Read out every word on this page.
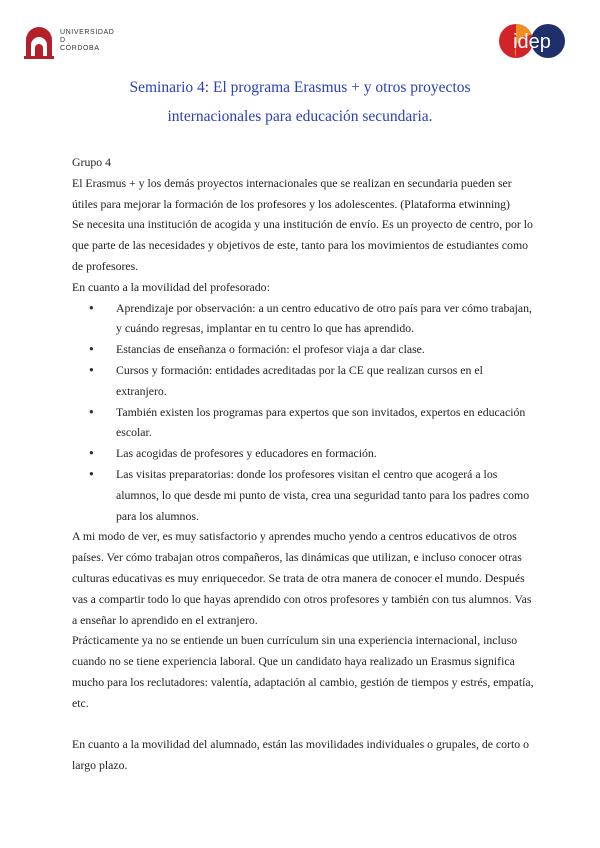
UNIVERSIDAD
D
CÓRDOBA	idep
Seminario 4: El programa Erasmus + y otros proyectos
internacionales para educación secundaria.

Grupo 4

El Erasmus + y los demás proyectos internacionales que se realizan en secundaria pueden ser útiles para mejorar la formación de los profesores y los adolescentes. (Plataforma etwinning)

Se necesita una institución de acogida y una institución de envío. Es un proyecto de centro, por lo que parte de las necesidades y objetivos de este, tanto para los movimientos de estudiantes como de profesores.

En cuanto a la movilidad del profesorado:

● Aprendizaje por observación: a un centro educativo de otro país para ver cómo trabajan, y cuándo regresas, implantar en tu centro lo que has aprendido.
● Estancias de enseñanza o formación: el profesor viaja a dar clase.
● Cursos y formación: entidades acreditadas por la CE que realizan cursos en el extranjero.
● También existen los programas para expertos que son invitados, expertos en educación escolar.
● Las acogidas de profesores y educadores en formación.
● Las visitas preparatorias: donde los profesores visitan el centro que acogerá a los alumnos, lo que desde mi punto de vista, crea una seguridad tanto para los padres como para los alumnos.

A mi modo de ver, es muy satisfactorio y aprendes mucho yendo a centros educativos de otros países. Ver cómo trabajan otros compañeros, las dinámicas que utilizan, e incluso conocer otras culturas educativas es muy enriquecedor. Se trata de otra manera de conocer el mundo. Después vas a compartir todo lo que hayas aprendido con otros profesores y también con tus alumnos. Vas a enseñar lo aprendido en el extranjero.

Prácticamente ya no se entiende un buen currículum sin una experiencia internacional, incluso cuando no se tiene experiencia laboral. Que un candidato haya realizado un Erasmus significa mucho para los reclutadores: valentía, adaptación al cambio, gestión de tiempos y estrés, empatía, etc.

En cuanto a la movilidad del alumnado, están las movilidades individuales o grupales, de corto o largo plazo.
